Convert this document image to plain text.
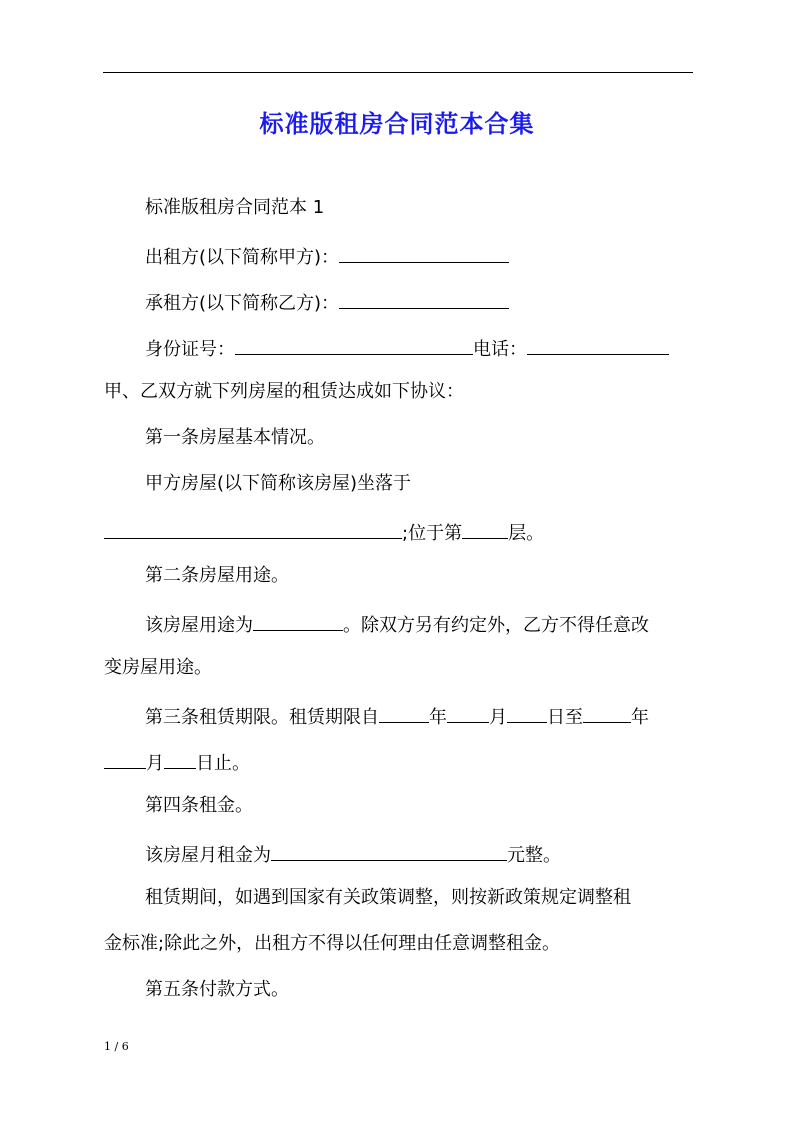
标准版租房合同范本合集
标准版租房合同范本 1
出租方(以下简称甲方)：
承租方(以下简称乙方)：
身份证号：	电话：
甲、乙双方就下列房屋的租赁达成如下协议：
第一条房屋基本情况。
甲方房屋(以下简称该房屋)坐落于
;位于第	层。
第二条房屋用途。
该房屋用途为	。除双方另有约定外，乙方不得任意改
变房屋用途。
第三条租赁期限。租赁期限自	年 月 日至	年
月 日止。
第四条租金。
该房屋月租金为	元整。
租赁期间，如遇到国家有关政策调整，则按新政策规定调整租
金标准;除此之外，出租方不得以任何理由任意调整租金。
第五条付款方式。
1 / 6
